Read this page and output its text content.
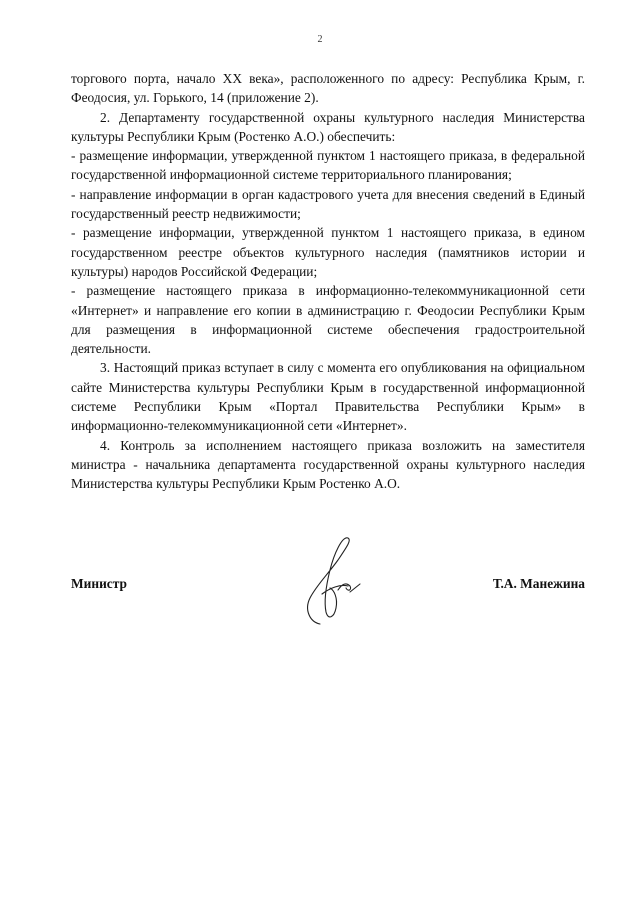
2

торгового порта, начало XX века», расположенного по адресу: Республика Крым, г. Феодосия, ул. Горького, 14 (приложение 2).

2. Департаменту государственной охраны культурного наследия Министерства культуры Республики Крым (Ростенко А.О.) обеспечить:

- размещение информации, утвержденной пунктом 1 настоящего приказа, в федеральной государственной информационной системе территориального планирования;

- направление информации в орган кадастрового учета для внесения сведений в Единый государственный реестр недвижимости;

- размещение информации, утвержденной пунктом 1 настоящего приказа, в едином государственном реестре объектов культурного наследия (памятников истории и культуры) народов Российской Федерации;

- размещение настоящего приказа в информационно-телекоммуникационной сети «Интернет» и направление его копии в администрацию г. Феодосии Республики Крым для размещения в информационной системе обеспечения градостроительной деятельности.

3. Настоящий приказ вступает в силу с момента его опубликования на официальном сайте Министерства культуры Республики Крым в государственной информационной системе Республики Крым «Портал Правительства Республики Крым» в информационно-телекоммуникационной сети «Интернет».

4. Контроль за исполнением настоящего приказа возложить на заместителя министра - начальника департамента государственной охраны культурного наследия Министерства культуры Республики Крым Ростенко А.О.

Министр	Т.А. Манежина
